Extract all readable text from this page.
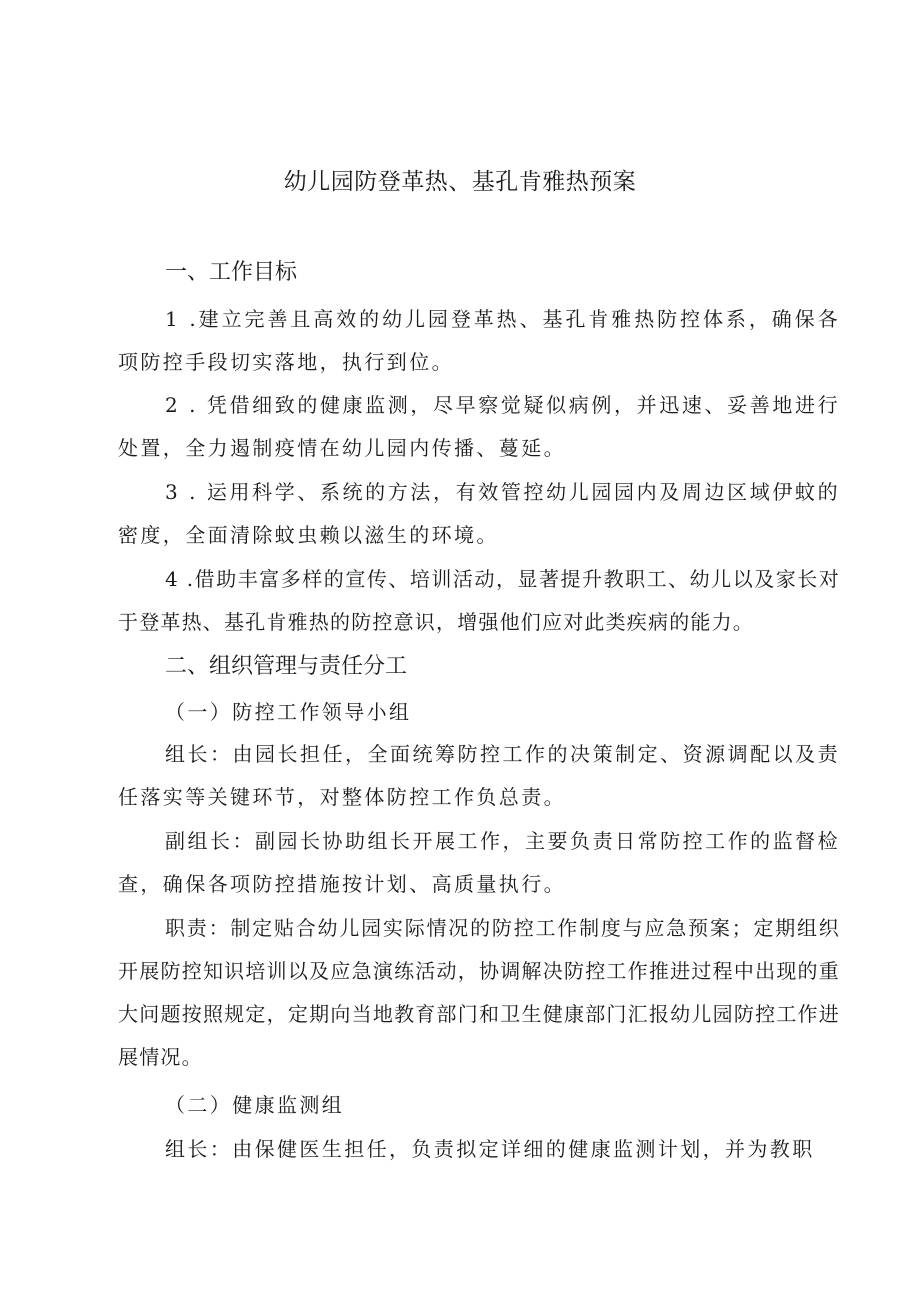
幼儿园防登革热、基孔肯雅热预案
一、工作目标
1 .建立完善且高效的幼儿园登革热、基孔肯雅热防控体系，确保各项防控手段切实落地，执行到位。
2 . 凭借细致的健康监测，尽早察觉疑似病例，并迅速、妥善地进行处置，全力遏制疫情在幼儿园内传播、蔓延。
3 . 运用科学、系统的方法，有效管控幼儿园园内及周边区域伊蚊的密度，全面清除蚊虫赖以滋生的环境。
4 .借助丰富多样的宣传、培训活动，显著提升教职工、幼儿以及家长对于登革热、基孔肯雅热的防控意识，增强他们应对此类疾病的能力。
二、组织管理与责任分工
（一）防控工作领导小组
组长：由园长担任，全面统筹防控工作的决策制定、资源调配以及责任落实等关键环节，对整体防控工作负总责。
副组长：副园长协助组长开展工作，主要负责日常防控工作的监督检查，确保各项防控措施按计划、高质量执行。
职责：制定贴合幼儿园实际情况的防控工作制度与应急预案；定期组织开展防控知识培训以及应急演练活动，协调解决防控工作推进过程中出现的重大问题按照规定，定期向当地教育部门和卫生健康部门汇报幼儿园防控工作进展情况。
（二）健康监测组
组长：由保健医生担任，负责拟定详细的健康监测计划，并为教职
